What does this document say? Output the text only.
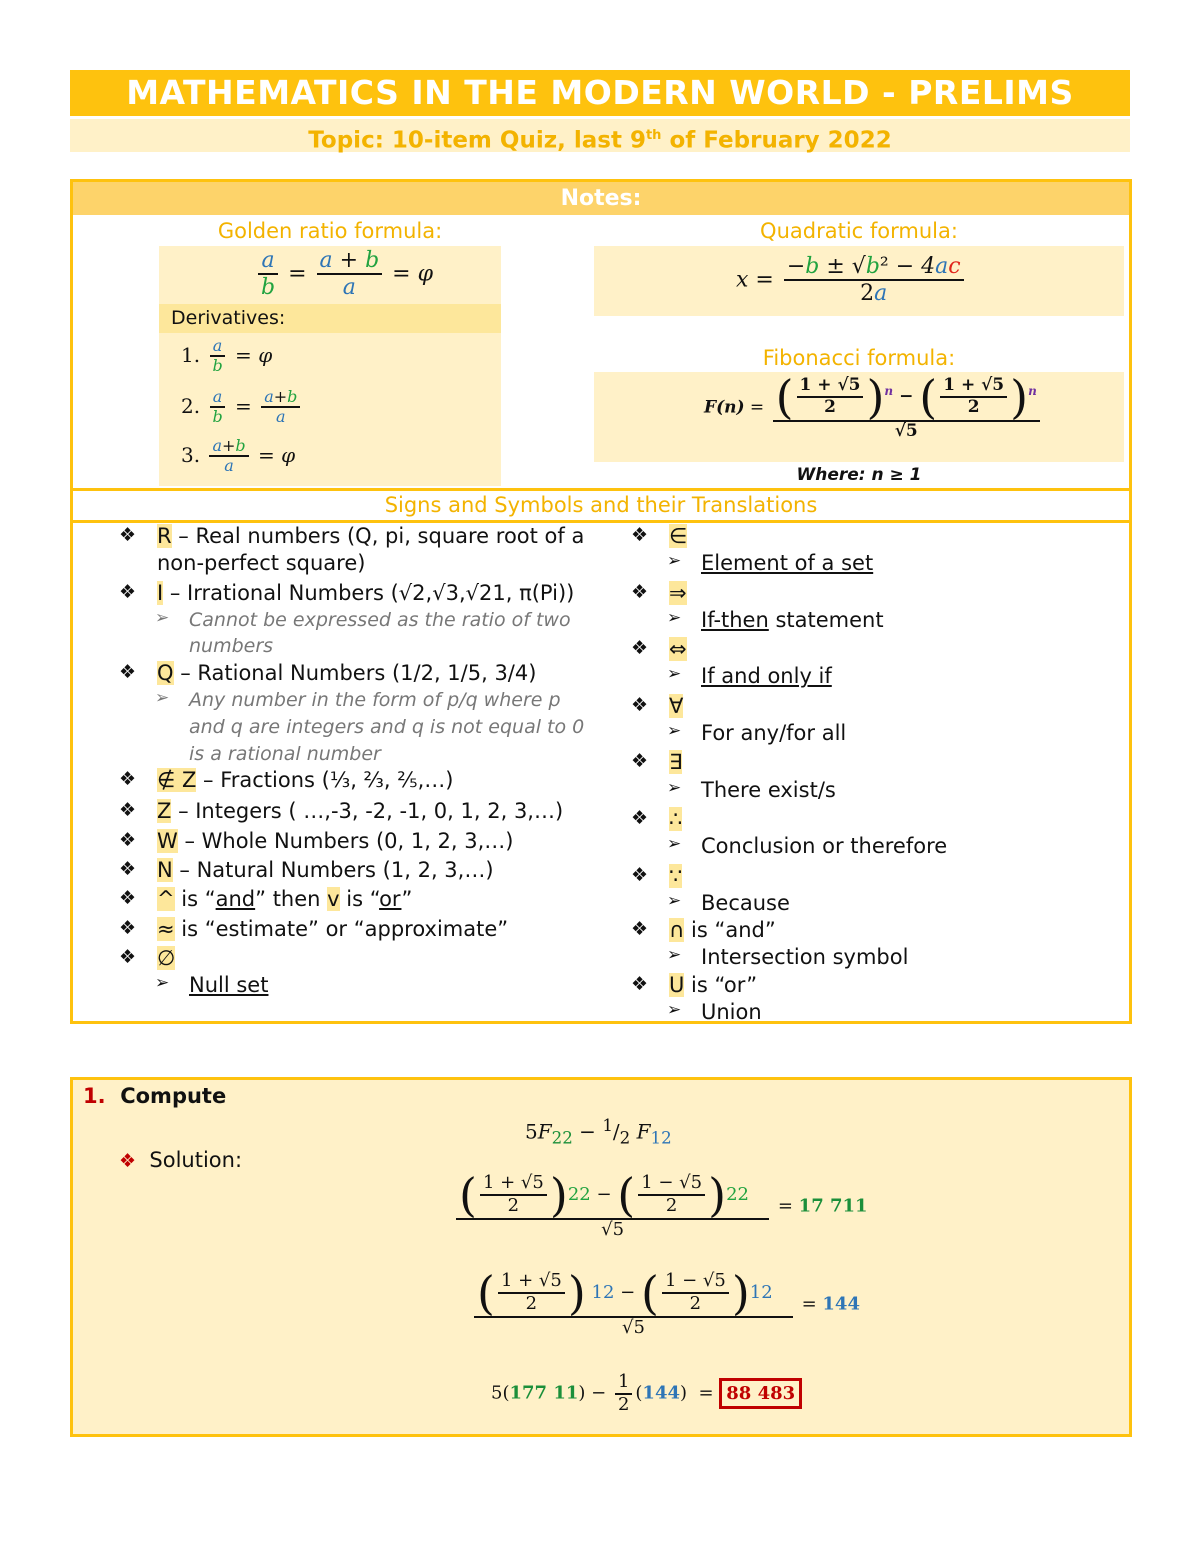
MATHEMATICS IN THE MODERN WORLD - PRELIMS
Topic: 10-item Quiz, last 9th of February 2022
Notes:
Golden ratio formula:
$\frac{a}{b} = \frac{a + b}{a} = \varphi$
Derivatives:
1. $\frac{a}{b} = \varphi$
2. $\frac{a}{b} = \frac{a+b}{a}$
3. $\frac{a+b}{a} = \varphi$
Quadratic formula:
$x = \frac{\text{−b ± √b² − 4ac}}{2a}$
Fibonacci formula:
$F(n) = \frac{( \frac{1 + √5}{2} )^n - ( \frac{1 + √5}{2} )^n}{√5}$
Where: n ≥ 1
Signs and Symbols and their Translations
❖ R – Real numbers (Q, pi, square root of a non-perfect square)
❖ I – Irrational Numbers (√2,√3,√21, π(Pi))
➢ Cannot be expressed as the ratio of two numbers
❖ Q – Rational Numbers (1/2, 1/5, 3/4)
➢ Any number in the form of p/q where p and q are integers and q is not equal to 0 is a rational number
❖ ∉ Z – Fractions (⅓, ⅔, ⅖,…)
❖ Z – Integers ( …,-3, -2, -1, 0, 1, 2, 3,…)
❖ W – Whole Numbers (0, 1, 2, 3,…)
❖ N – Natural Numbers (1, 2, 3,…)
❖ ^ is “and” then v is “or”
❖ ≈ is “estimate” or “approximate”
❖ ∅
➢ Null set
❖ ∈
➢ Element of a set
❖ ⇒
➢ If-then statement
❖ ⇔
➢ If and only if
❖ ∀
➢ For any/for all
❖ ∃
➢ There exist/s
❖ ∴
➢ Conclusion or therefore
❖ ∵
➢ Because
❖ ∩ is “and”
➢ Intersection symbol
❖ U is “or”
➢ Union
1. Compute
❖ Solution:
$5F_{22} - ^1/_2$ $F_{12}$
$\frac{( \frac{1 + √5}{2} )22 - ( \frac{1 - √5}{2} )22}{√5} = 17$ 711
$\frac{( \frac{1 + √5}{2} ) 12 - ( \frac{1 - √5}{2} )12}{√5} = 144$
5(177 $11) - \frac{1}{2} (144) = 88$ 483
